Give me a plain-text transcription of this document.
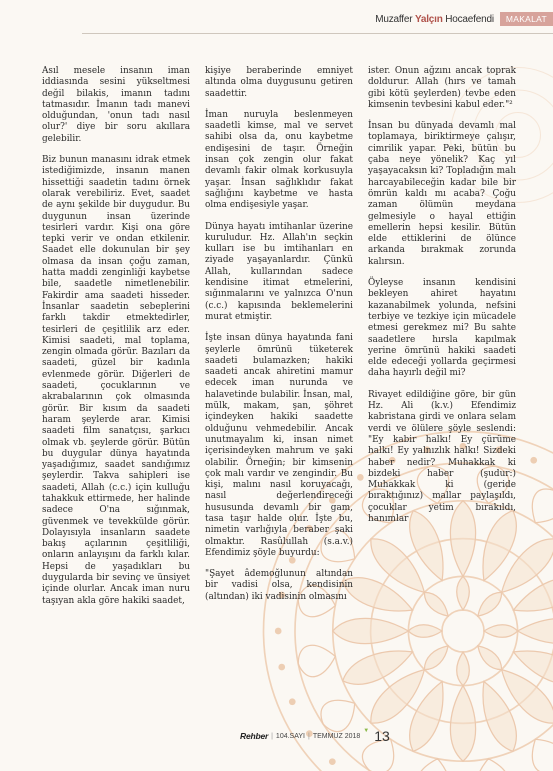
Muzaffer Yalçın Hocaefendi	MAKALAT

Asıl mesele insanın iman iddiasında sesini yükseltmesi değil bilakis, imanın tadını tatmasıdır. İmanın tadı manevi olduğundan, 'onun tadı nasıl olur?' diye bir soru akıllara gelebilir.

Biz bunun manasını idrak etmek istediğimizde, insanın manen hissettiği saadetin tadını örnek olarak verebiliriz. Evet, saadet de aynı şekilde bir duygudur. Bu duygunun insan üzerinde tesirleri vardır. Kişi ona göre tepki verir ve ondan etkilenir. Saadet elle dokunulan bir şey olmasa da insan çoğu zaman, hatta maddi zenginliği kaybetse bile, saadetle nimetlenebilir. Fakirdir ama saadeti hisseder. İnsanlar saadetin sebeplerini farklı takdir etmektedirler, tesirleri de çeşitlilik arz eder. Kimisi saadeti, mal toplama, zengin olmada görür. Bazıları da saadeti, güzel bir kadınla evlenmede görür. Diğerleri de saadeti, çocuklarının ve akrabalarının çok olmasında görür. Bir kısım da saadeti haram şeylerde arar. Kimisi saadeti film sanatçısı, şarkıcı olmak vb. şeylerde görür. Bütün bu duygular dünya hayatında yaşadığımız, saadet sandığımız şeylerdir. Takva sahipleri ise saadeti, Allah (c.c.) için kulluğu tahakkuk ettirmede, her halinde sadece O'na sığınmak, güvenmek ve tevekkülde görür. Dolayısıyla insanların saadete bakış açılarının çeşitliliği, onların anlayışını da farklı kılar. Hepsi de yaşadıkları bu duygularda bir sevinç ve ünsiyet içinde olurlar. Ancak iman nuru taşıyan akla göre hakiki saadet,

kişiye beraberinde emniyet altında olma duygusunu getiren saadettir.

İman nuruyla beslenmeyen saadetli kimse, mal ve servet sahibi olsa da, onu kaybetme endişesini de taşır. Örneğin insan çok zengin olur fakat devamlı fakir olmak korkusuyla yaşar. İnsan sağlıklıdır fakat sağlığını kaybetme ve hasta olma endişesiyle yaşar.

Dünya hayatı imtihanlar üzerine kuruludur. Hz. Allah'ın seçkin kulları ise bu imtihanları en ziyade yaşayanlardır. Çünkü Allah, kullarından sadece kendisine itimat etmelerini, sığınmalarını ve yalnızca O'nun (c.c.) kapısında beklemelerini murat etmiştir.

İşte insan dünya hayatında fani şeylerle ömrünü tüketerek saadeti bulamazken; hakiki saadeti ancak ahiretini mamur edecek iman nurunda ve halavetinde bulabilir. İnsan, mal, mülk, makam, şan, şöhret içindeyken hakiki saadette olduğunu vehmedebilir. Ancak unutmayalım ki, insan nimet içerisindeyken mahrum ve şaki olabilir. Örneğin; bir kimsenin çok malı vardır ve zengindir. Bu kişi, malını nasıl koruyacağı, nasıl değerlendireceği hususunda devamlı bir gam, tasa taşır halde olur. İşte bu, nimetin varlığıyla beraber şaki olmaktır. Rasûlullah (s.a.v.) Efendimiz şöyle buyurdu:

"Şayet âdemoğlunun altından bir vadisi olsa, kendisinin (altından) iki vadisinin olmasını

ister. Onun ağzını ancak toprak doldurur. Allah (hırs ve tamah gibi kötü şeylerden) tevbe eden kimsenin tevbesini kabul eder."²

İnsan bu dünyada devamlı mal toplamaya, biriktirmeye çalışır, cimrilik yapar. Peki, bütün bu çaba neye yönelik? Kaç yıl yaşayacaksın ki? Topladığın malı harcayabileceğin kadar bile bir ömrün kaldı mı acaba? Çoğu zaman ölümün meydana gelmesiyle o hayal ettiğin emellerin hepsi kesilir. Bütün elde ettiklerini de ölünce arkanda bırakmak zorunda kalırsın.

Öyleyse insanın kendisini bekleyen ahiret hayatını kazanabilmek yolunda, nefsini terbiye ve tezkiye için mücadele etmesi gerekmez mi? Bu sahte saadetlere hırsla kapılmak yerine ömrünü hakiki saadeti elde edeceği yollarda geçirmesi daha hayırlı değil mi?

Rivayet edildiğine göre, bir gün Hz. Ali (k.v.) Efendimiz kabristana girdi ve onlara selam verdi ve ölülere şöyle seslendi: "Ey kabir halkı! Ey çürüme halkı! Ey yalnızlık halkı! Sizdeki haber nedir? Muhakkak ki bizdeki haber (şudur:) Muhakkak ki (geride bıraktığınız) mallar paylaşıldı, çocuklar yetim bırakıldı, hanımlar

Rehber | 104.SAYI | TEMMUZ 2018
▼ 13
